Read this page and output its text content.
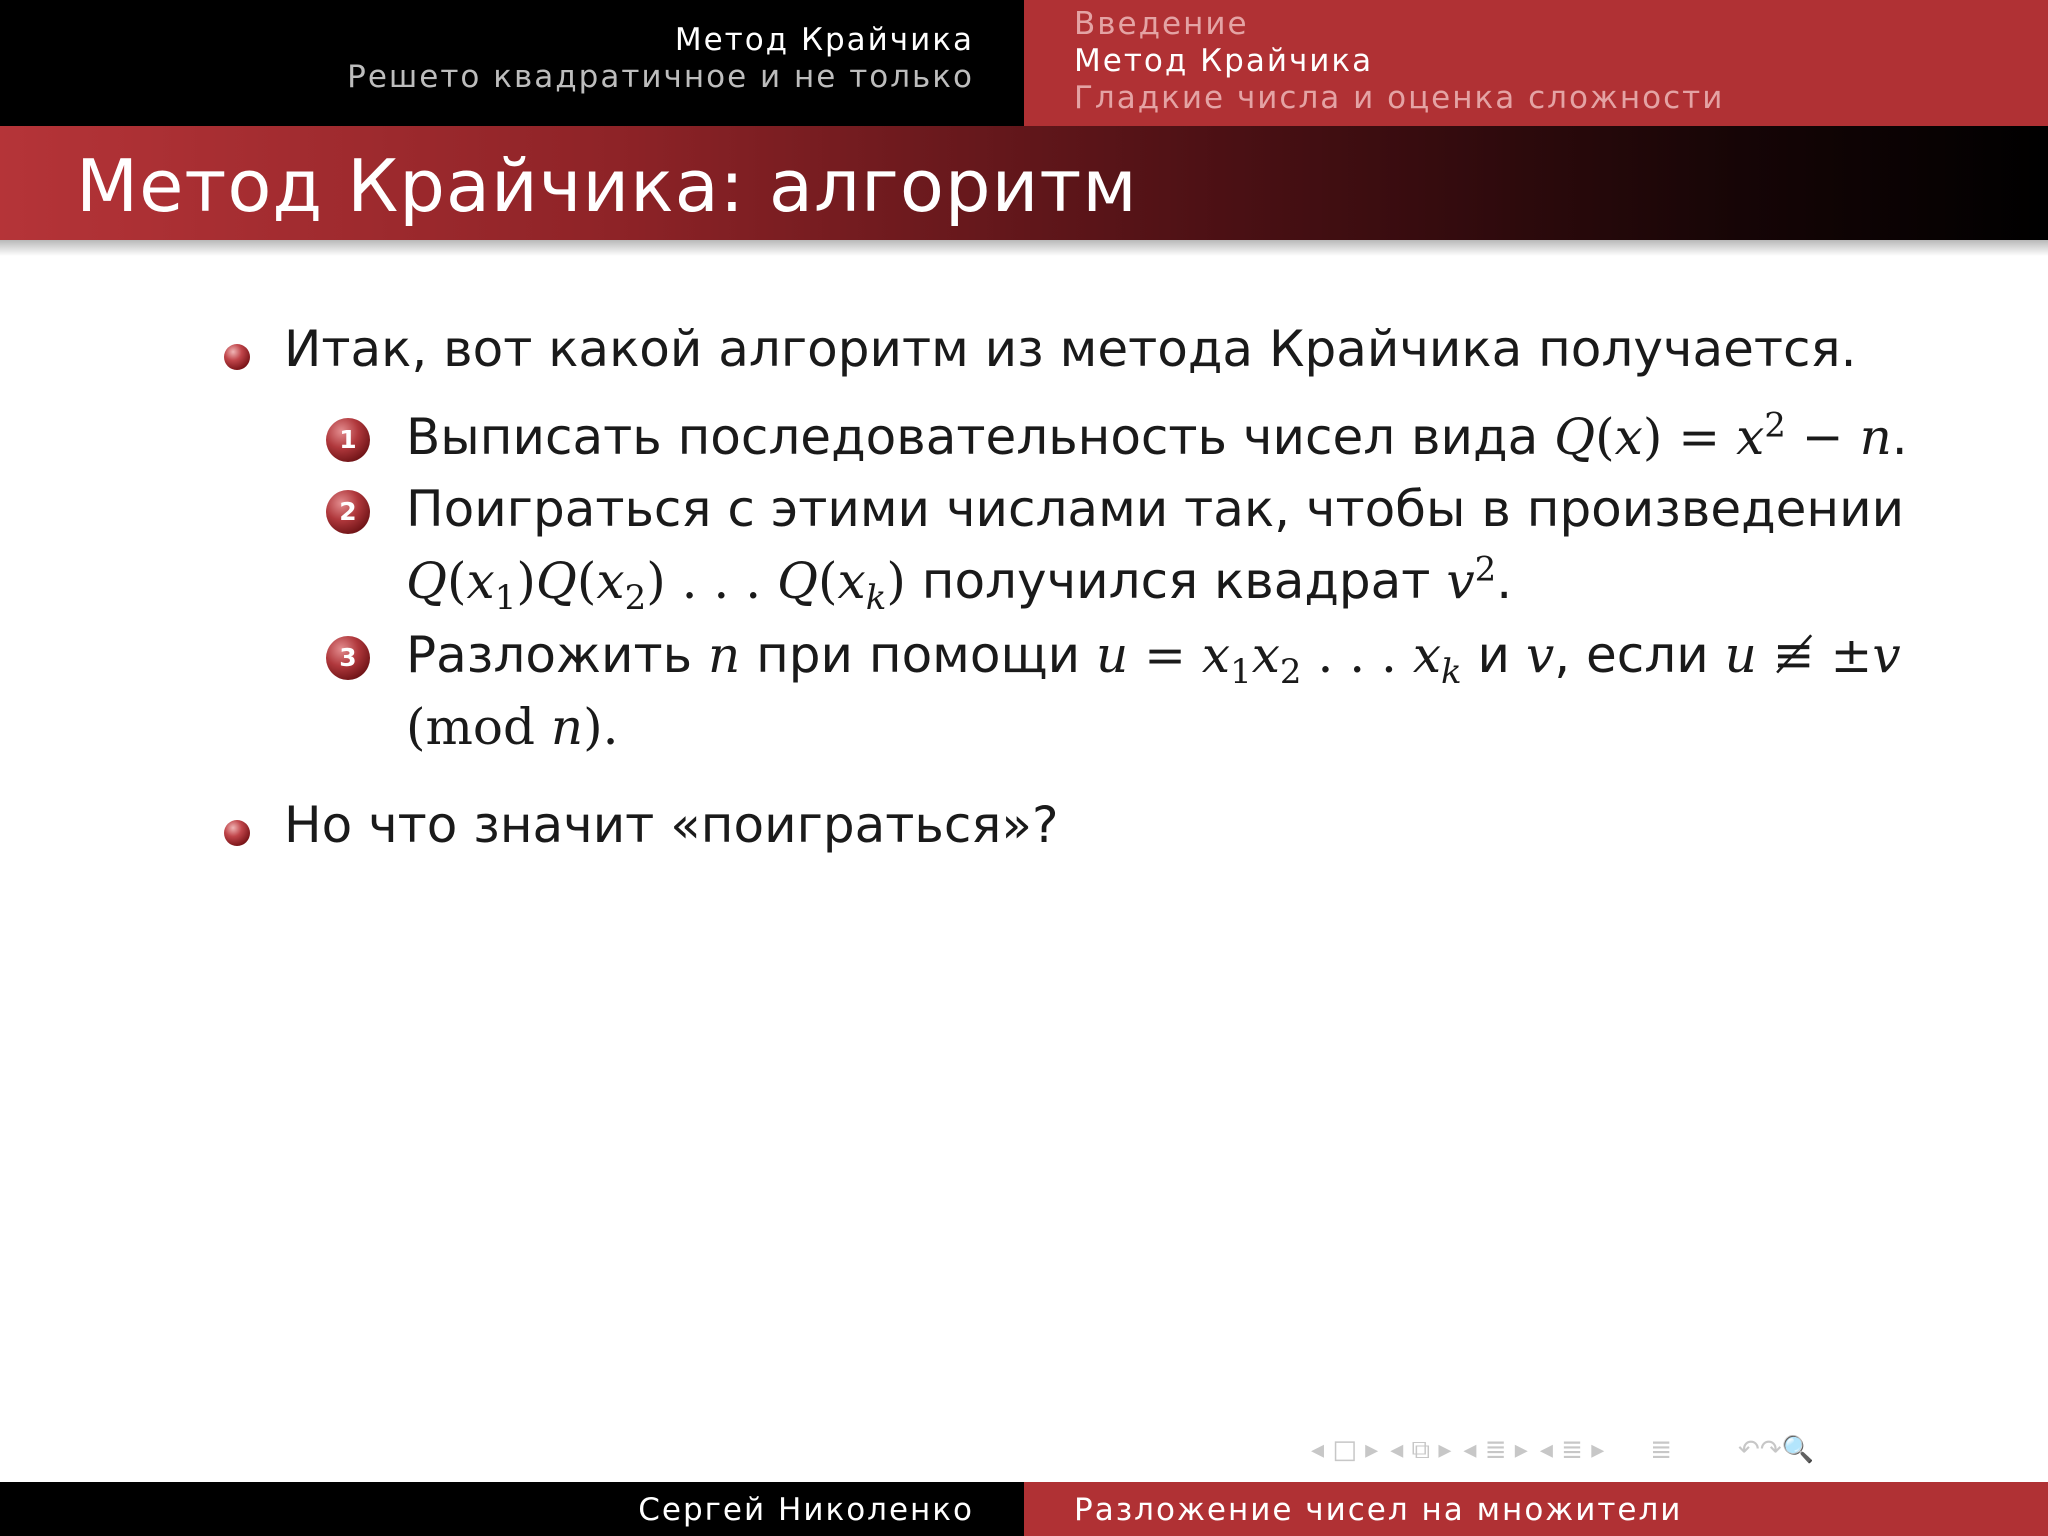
Метод Крайчика
Решето квадратичное и не только
Введение
Метод Крайчика
Гладкие числа и оценка сложности
Метод Крайчика: алгоритм
Итак, вот какой алгоритм из метода Крайчика получается.
1 Выписать последовательность чисел вида $Q(x) = x^2 - n$.
2 Поиграться с этими числами так, чтобы в произведении
$Q(x_1)Q(x_2)$ . . . $Q(x_k)$ получился квадрат $v^2$.
3 Разложить n при помощи $u = x_1x_2$ . . . $x_k$ и v, если u ≢ ±v
(mod n).
Но что значит «поиграться»?
◂ □ ▸ ◂ ⧉ ▸ ◂ ≣ ▸ ◂ ≣ ▸ ≣	↶↷🔍
Сергей Николенко	Разложение чисел на множители
